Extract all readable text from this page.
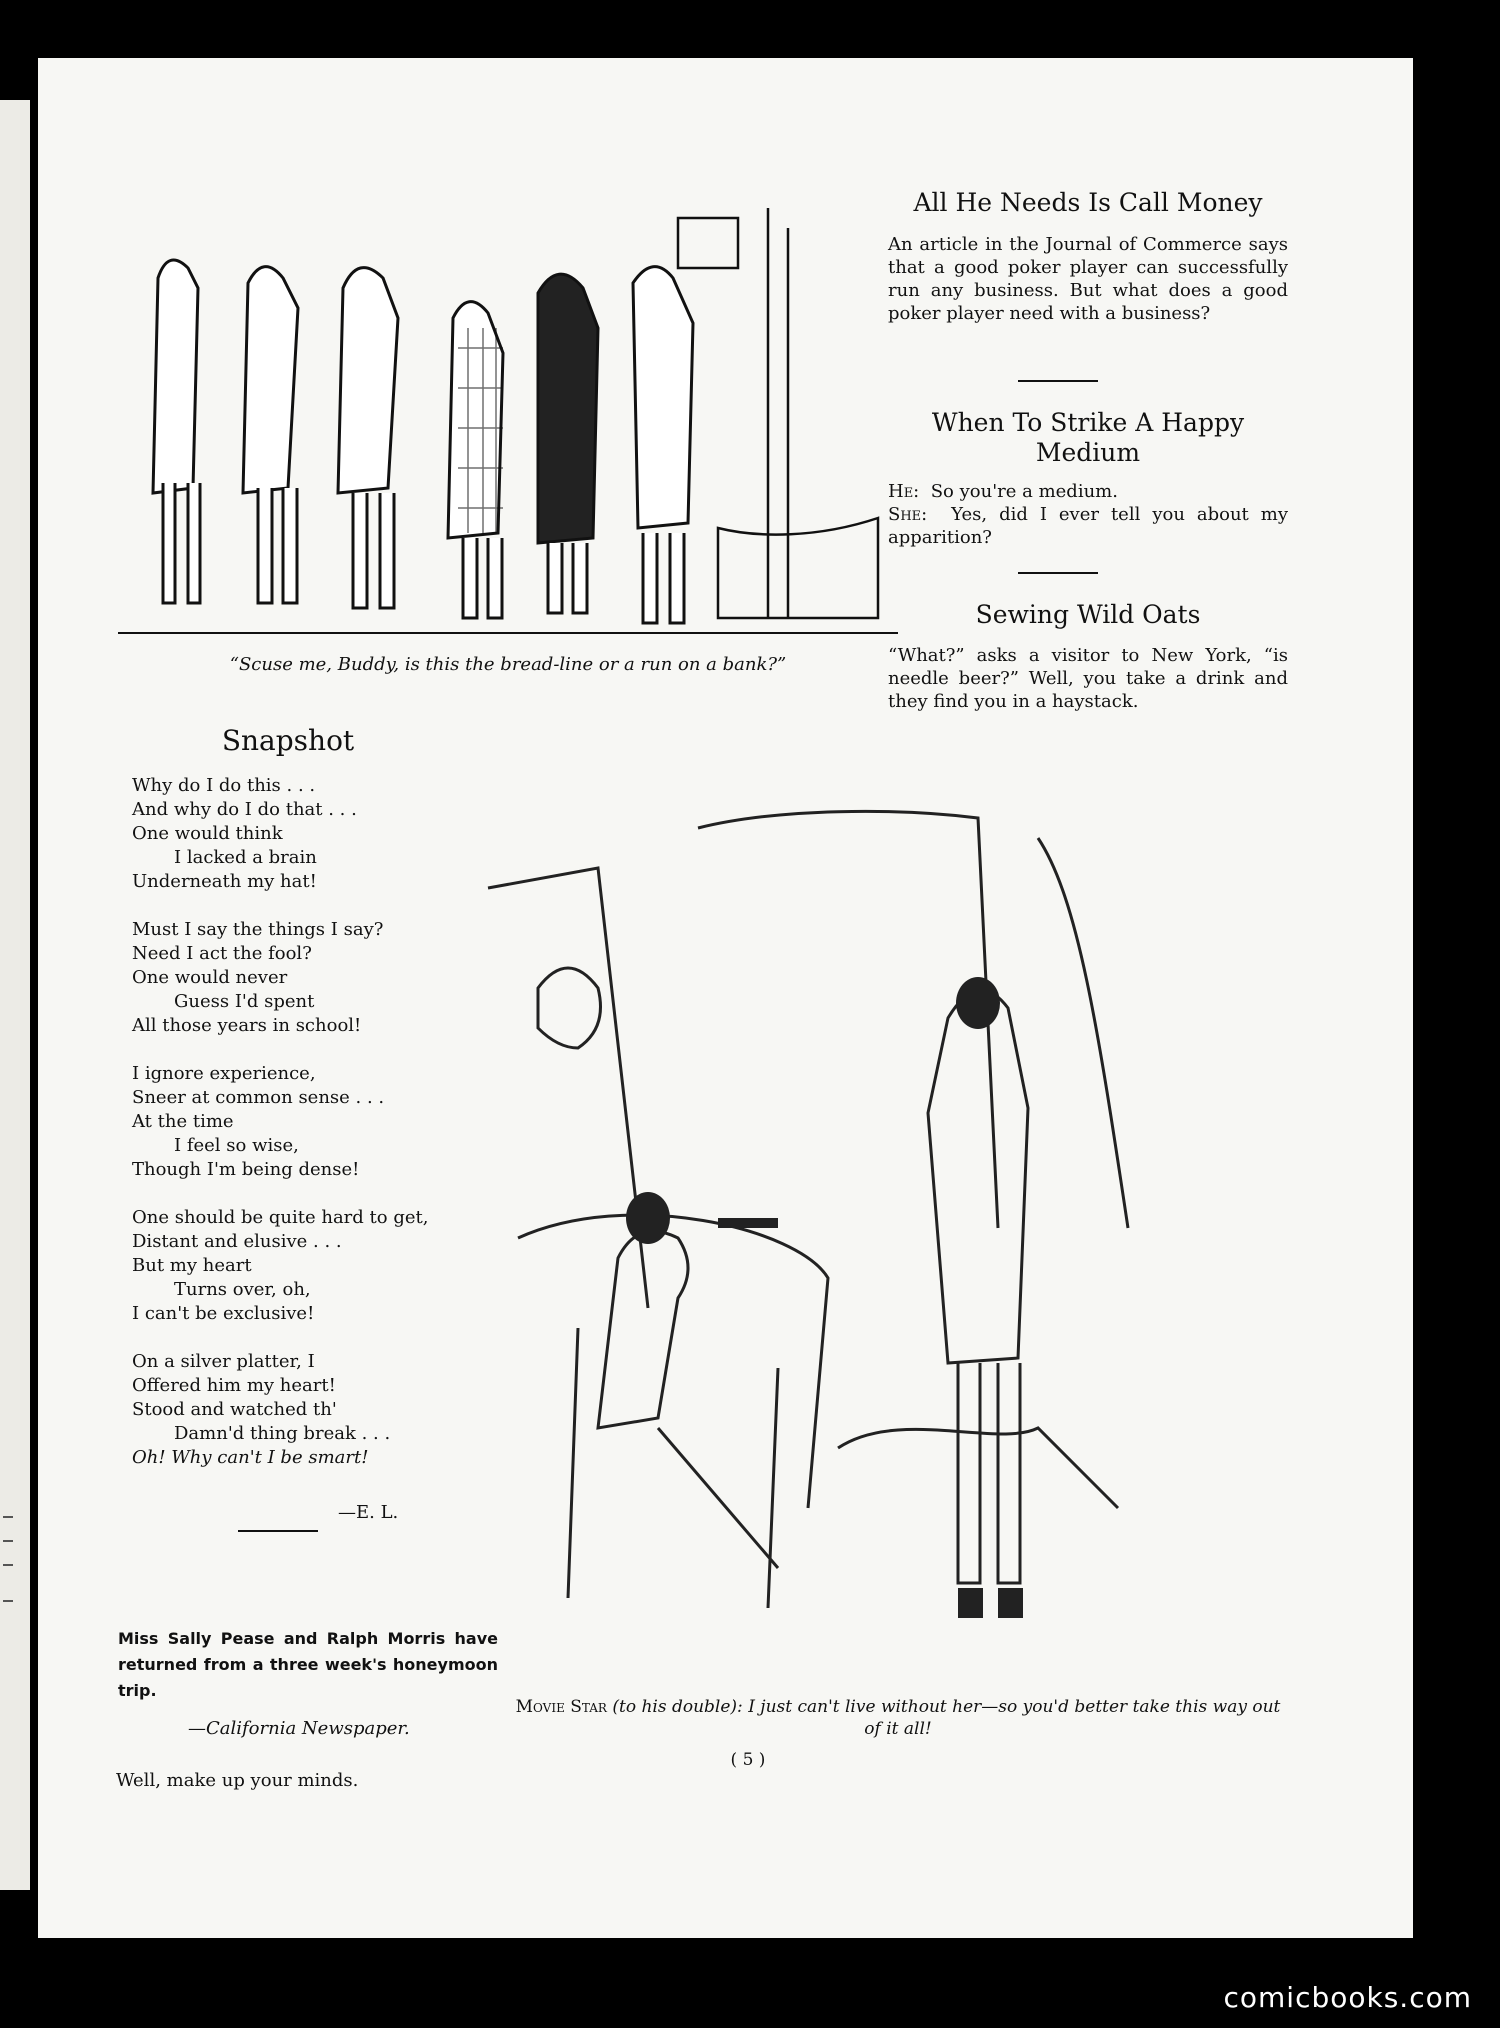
“Scuse me, Buddy, is this the bread-line or a run on a bank?”
All He Needs Is Call Money
An article in the Journal of Commerce says that a good poker player can successfully run any business. But what does a good poker player need with a business?
When To Strike A Happy Medium
He: So you're a medium.
She: Yes, did I ever tell you about my apparition?
Sewing Wild Oats
“What?” asks a visitor to New York, “is needle beer?” Well, you take a drink and they find you in a haystack.
Snapshot
Why do I do this . . .
And why do I do that . . .
One would think
I lacked a brain
Underneath my hat!
Must I say the things I say?
Need I act the fool?
One would never
Guess I'd spent
All those years in school!
I ignore experience,
Sneer at common sense . . .
At the time
I feel so wise,
Though I'm being dense!
One should be quite hard to get,
Distant and elusive . . .
But my heart
Turns over, oh,
I can't be exclusive!
On a silver platter, I
Offered him my heart!
Stood and watched th'
Damn'd thing break . . .
Oh! Why can't I be smart!
—E. L.
Miss Sally Pease and Ralph Morris have returned from a three week's honeymoon trip.
—California Newspaper.
Well, make up your minds.
Movie Star (to his double): I just can't live without her—so you'd better take this way out of it all!
( 5 )
comicbooks.com
